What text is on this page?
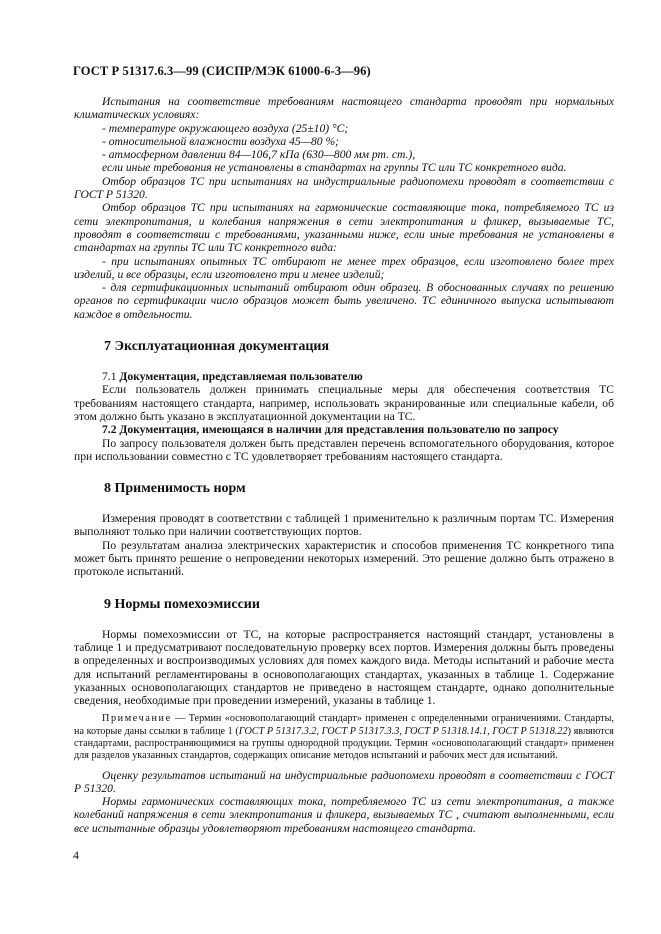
ГОСТ Р 51317.6.3—99 (СИСПР/МЭК 61000-6-3—96)

Испытания на соответствие требованиям настоящего стандарта проводят при нормальных климатических условиях:

- температуре окружающего воздуха (25±10) °С;

- относительной влажности воздуха 45—80 %;

- атмосферном давлении 84—106,7 кПа (630—800 мм рт. ст.),

если иные требования не установлены в стандартах на группы ТС или ТС конкретного вида.

Отбор образцов ТС при испытаниях на индустриальные радиопомехи проводят в соответствии с ГОСТ Р 51320.

Отбор образцов ТС при испытаниях на гармонические составляющие тока, потребляемого ТС из сети электропитания, и колебания напряжения в сети электропитания и фликер, вызываемые ТС, проводят в соответствии с требованиями, указанными ниже, если иные требования не установлены в стандартах на группы ТС или ТС конкретного вида:

- при испытаниях опытных ТС отбирают не менее трех образцов, если изготовлено более трех изделий, и все образцы, если изготовлено три и менее изделий;

- для сертификационных испытаний отбирают один образец. В обоснованных случаях по решению органов по сертификации число образцов может быть увеличено. ТС единичного выпуска испытывают каждое в отдельности.

7 Эксплуатационная документация

7.1 Документация, представляемая пользователю

Если пользователь должен принимать специальные меры для обеспечения соответствия ТС требованиям настоящего стандарта, например, использовать экранированные или специальные кабели, об этом должно быть указано в эксплуатационной документации на ТС.

7.2 Документация, имеющаяся в наличии для представления пользователю по запросу

По запросу пользователя должен быть представлен перечень вспомогательного оборудования, которое при использовании совместно с ТС удовлетворяет требованиям настоящего стандарта.

8 Применимость норм

Измерения проводят в соответствии с таблицей 1 применительно к различным портам ТС. Измерения выполняют только при наличии соответствующих портов.

По результатам анализа электрических характеристик и способов применения ТС конкретного типа может быть принято решение о непроведении некоторых измерений. Это решение должно быть отражено в протоколе испытаний.

9 Нормы помехоэмиссии

Нормы помехоэмиссии от ТС, на которые распространяется настоящий стандарт, установлены в таблице 1 и предусматривают последовательную проверку всех портов. Измерения должны быть проведены в определенных и воспроизводимых условиях для помех каждого вида. Методы испытаний и рабочие места для испытаний регламентированы в основополагающих стандартах, указанных в таблице 1. Содержание указанных основополагающих стандартов не приведено в настоящем стандарте, однако дополнительные сведения, необходимые при проведении измерений, указаны в таблице 1.

Примечание — Термин «основополагающий стандарт» применен с определенными ограничениями. Стандарты, на которые даны ссылки в таблице 1 (ГОСТ Р 51317.3.2, ГОСТ Р 51317.3.3, ГОСТ Р 51318.14.1, ГОСТ Р 51318.22) являются стандартами, распространяющимися на группы однородной продукции. Термин «основополагающий стандарт» применен для разделов указанных стандартов, содержащих описание методов испытаний и рабочих мест для испытаний.

Оценку результатов испытаний на индустриальные радиопомехи проводят в соответствии с ГОСТ Р 51320.

Нормы гармонических составляющих тока, потребляемого ТС из сети электропитания, а также колебаний напряжения в сети электропитания и фликера, вызываемых ТС , считают выполненными, если все испытанные образцы удовлетворяют требованиям настоящего стандарта.

4
